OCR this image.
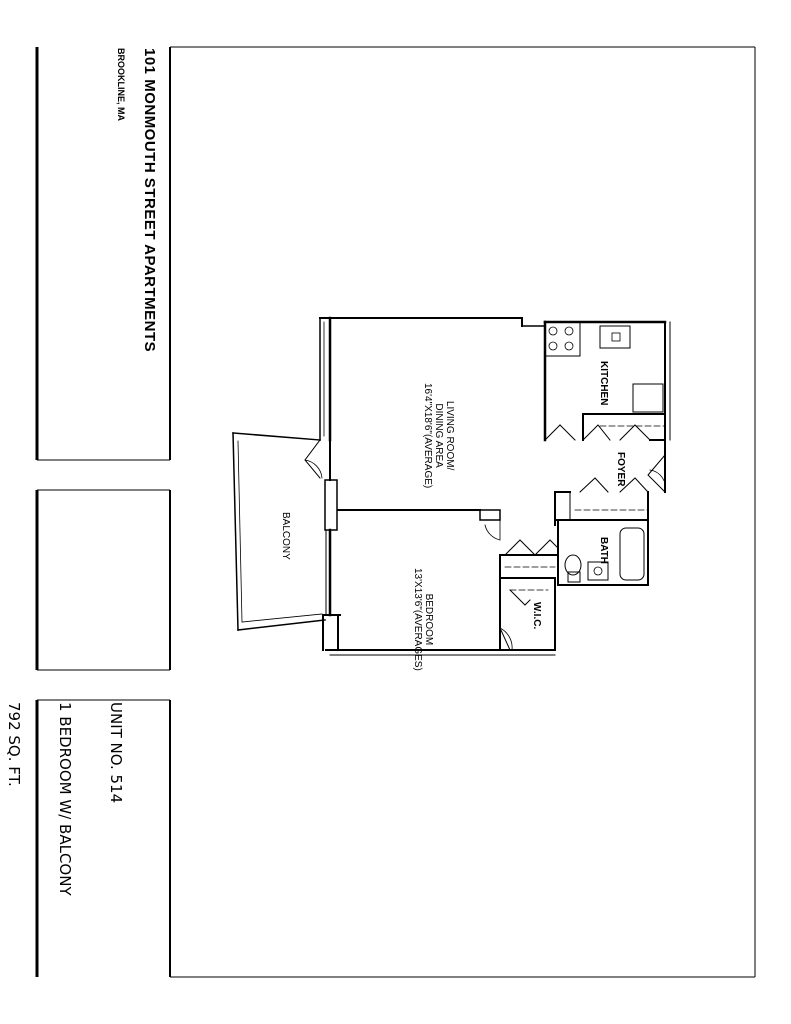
101 MONMOUTH STREET APARTMENTS
BROOKLINE, MA

UNIT NO. 514

1 BEDROOM W/ BALCONY

792 SQ. FT.

LIVING ROOM/
DINING AREA
16'4"X18'6"(AVERAGE)	KITCHEN
FOYER
BATH
BEDROOM
13'X13'6"(AVERAGES)	W.I.C.
BALCONY
